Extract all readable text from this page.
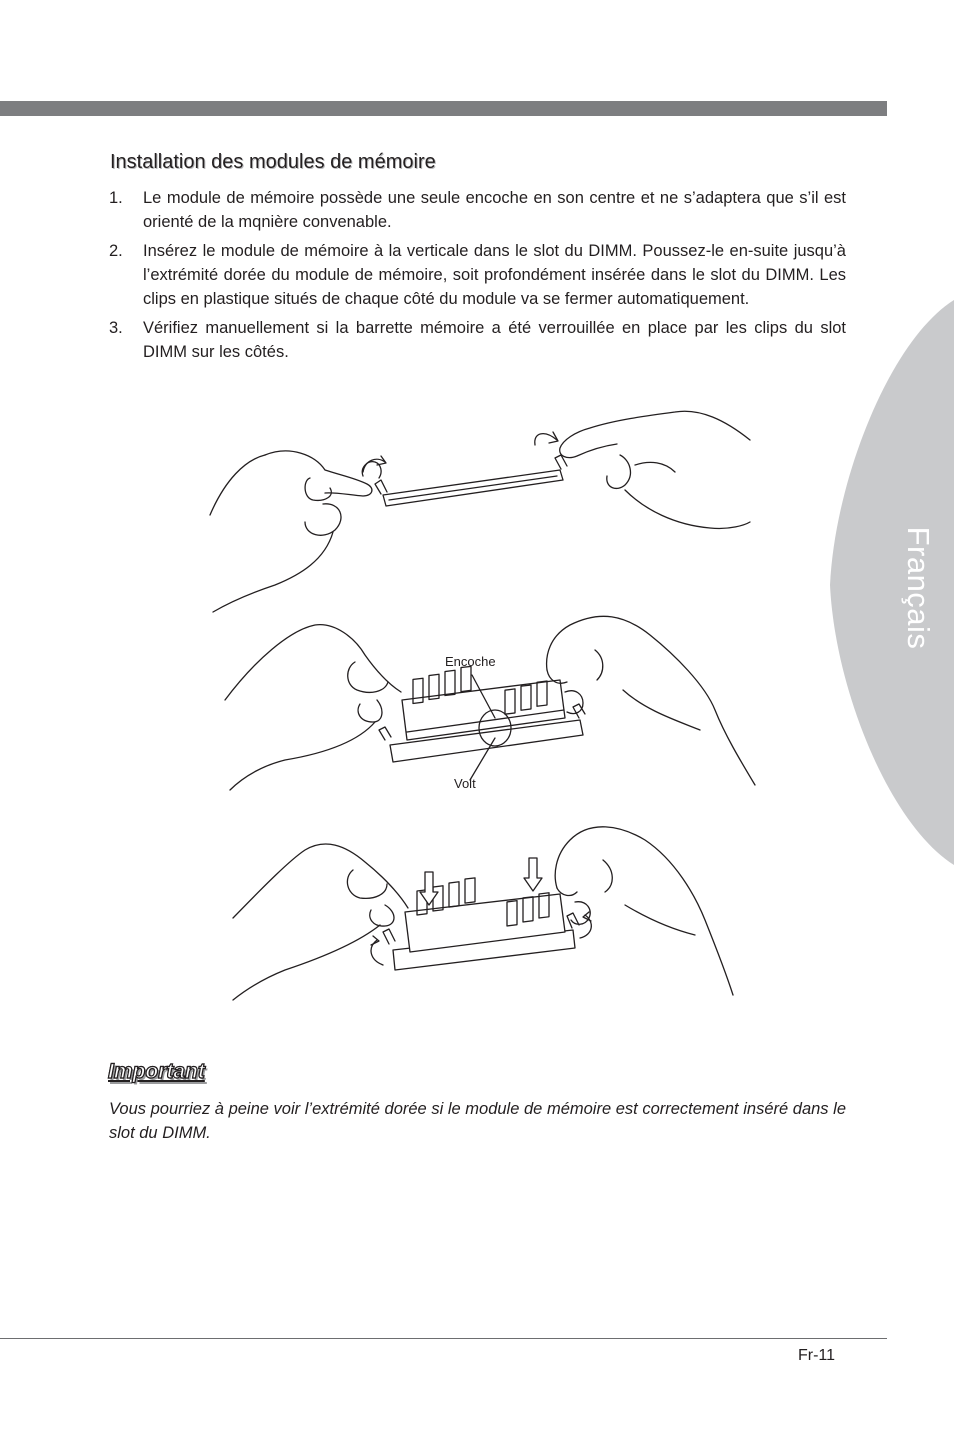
Français
Installation des modules de mémoire
1. Le module de mémoire possède une seule encoche en son centre et ne s’adaptera que s’il est orienté de la mqnière convenable.
2. Insérez le module de mémoire à la verticale dans le slot du DIMM. Poussez-le en-suite jusqu’à l’extrémité dorée du module de mémoire, soit profondément insérée dans le slot du DIMM. Les clips en plastique situés de chaque côté du module va se fermer automatiquement.
3. Vérifiez manuellement si la barrette mémoire a été verrouillée en place par les clips du slot DIMM sur les côtés.
Encoche
Volt
Important

Vous pourriez à peine voir l’extrémité dorée si le module de mémoire est correctement inséré dans le slot du DIMM.

Fr-11
